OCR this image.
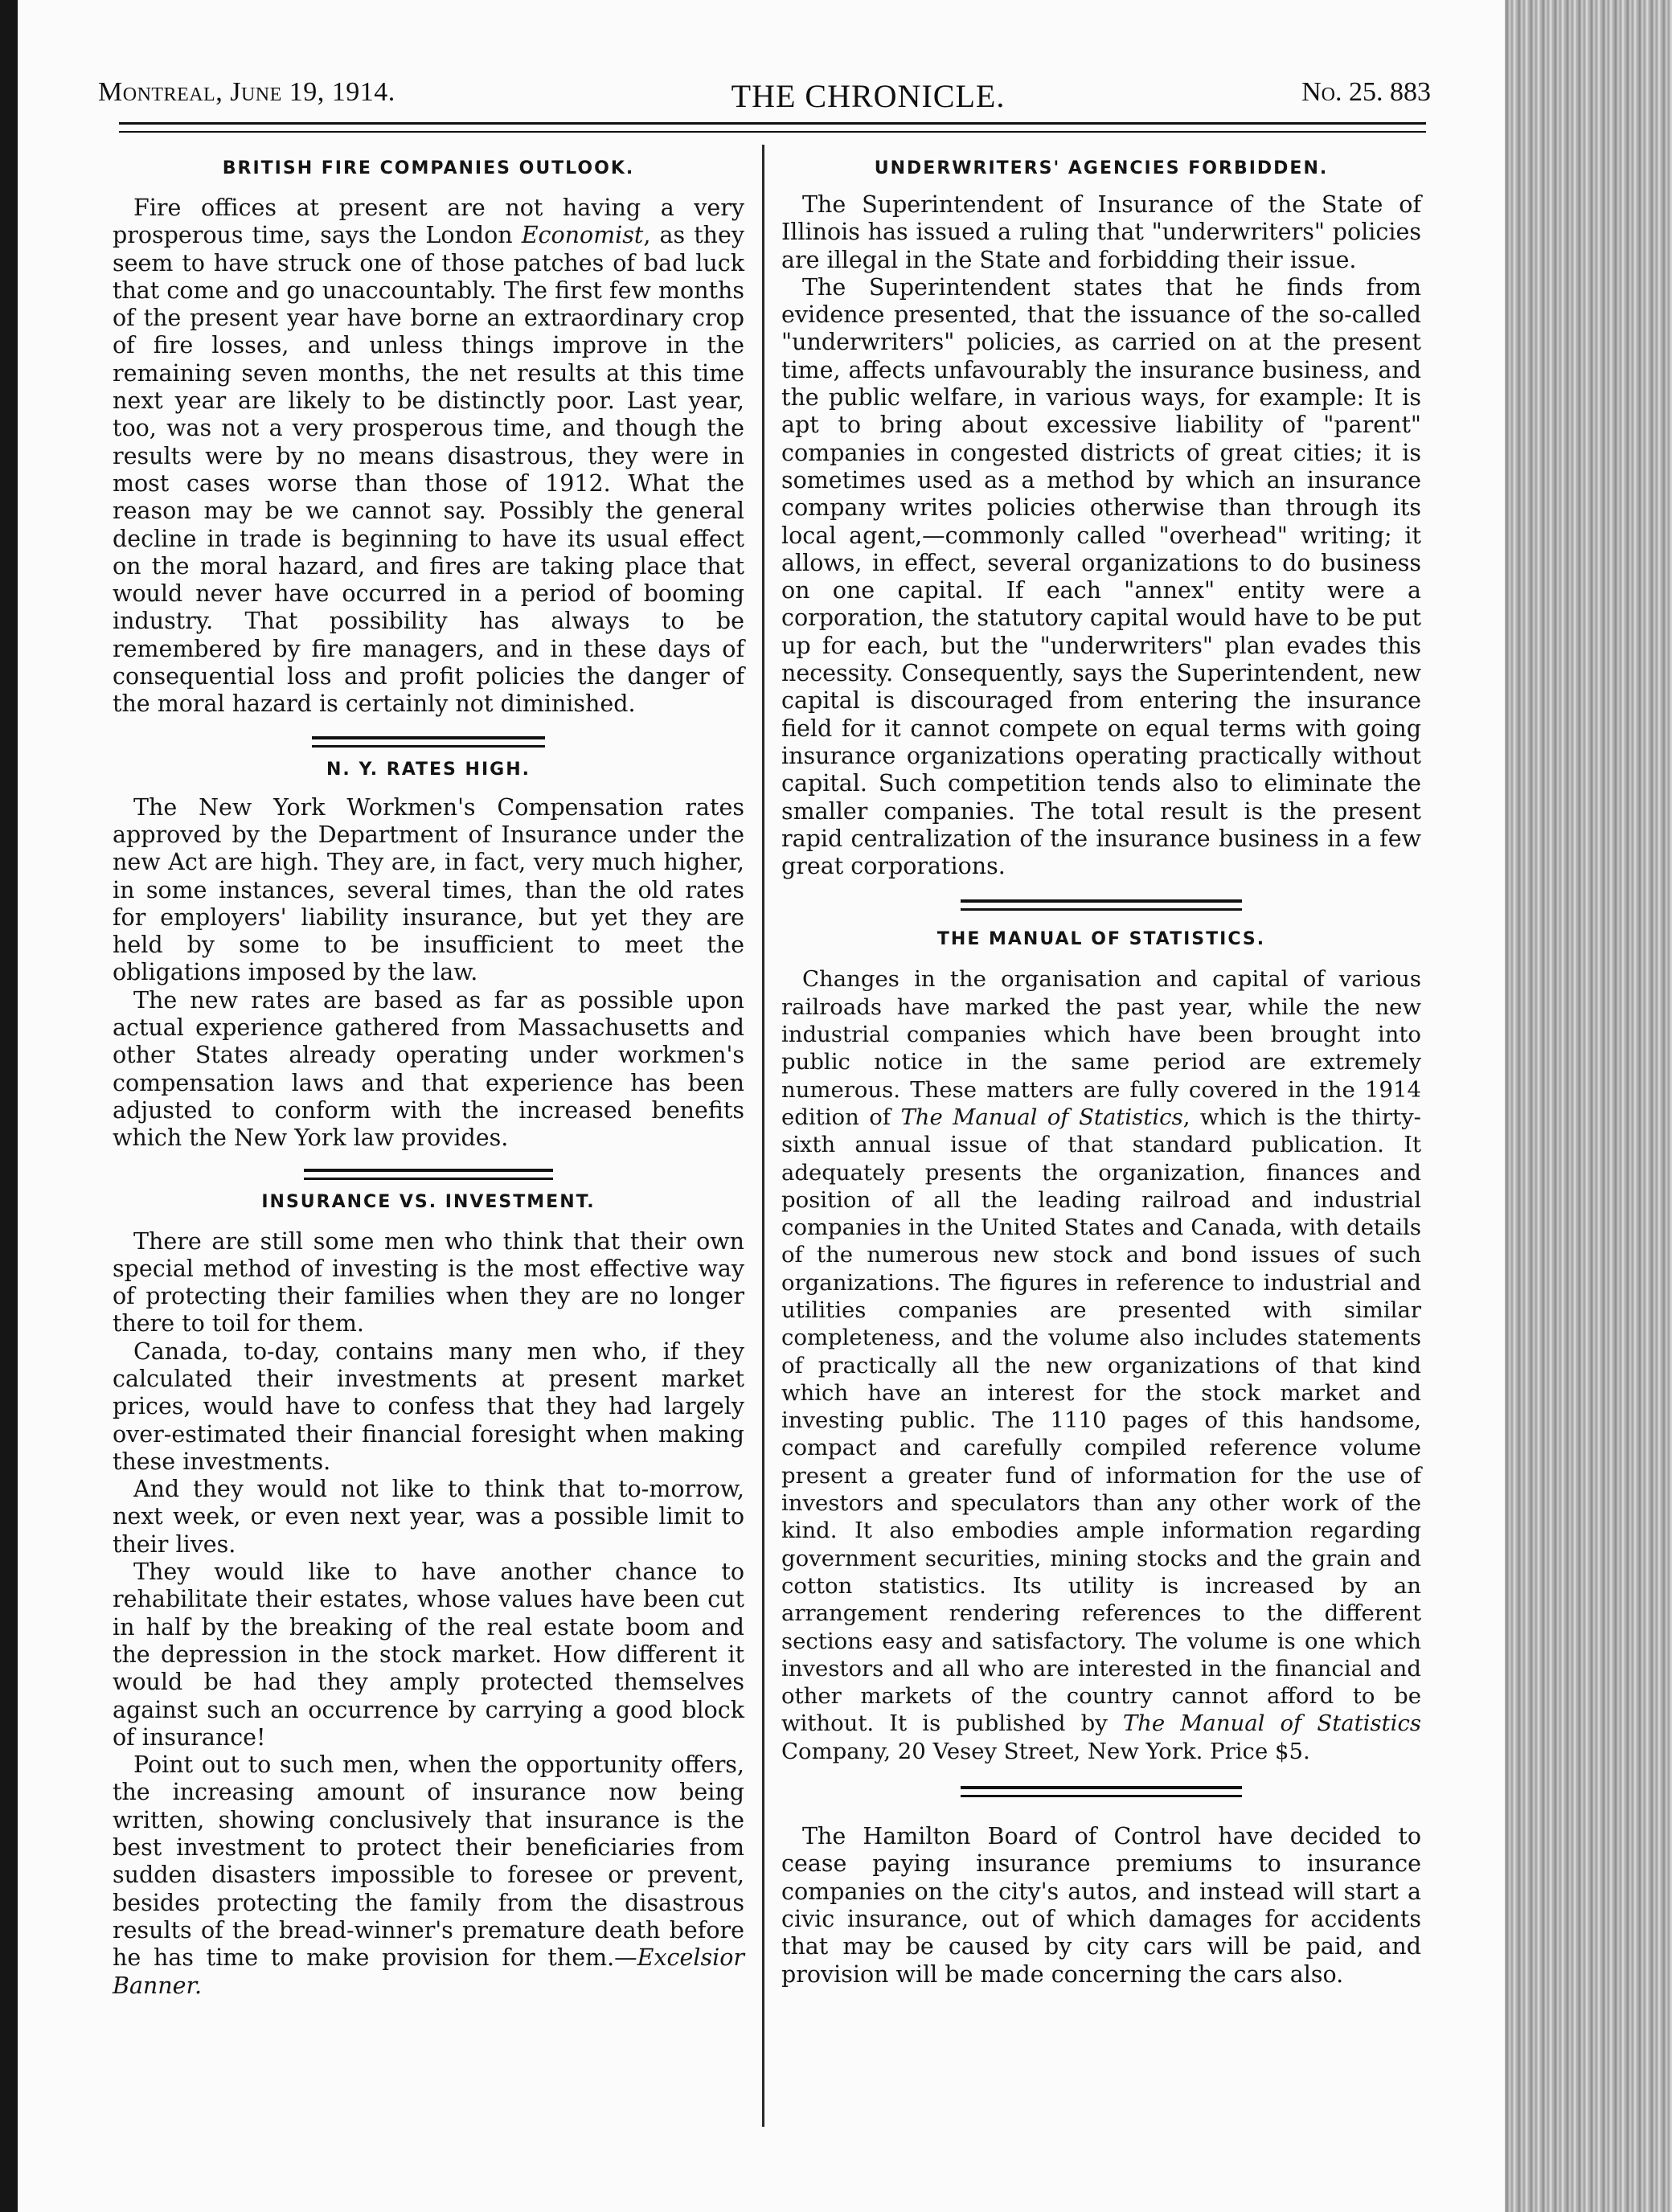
Montreal, June 19, 1914.	THE CHRONICLE.	No. 25. 883
BRITISH FIRE COMPANIES OUTLOOK.

Fire offices at present are not having a very prosperous time, says the London Economist, as they seem to have struck one of those patches of bad luck that come and go unaccountably. The first few months of the present year have borne an extraordinary crop of fire losses, and unless things improve in the remaining seven months, the net results at this time next year are likely to be distinctly poor. Last year, too, was not a very prosperous time, and though the results were by no means disastrous, they were in most cases worse than those of 1912. What the reason may be we cannot say. Possibly the general decline in trade is beginning to have its usual effect on the moral hazard, and fires are taking place that would never have occurred in a period of booming industry. That possibility has always to be remembered by fire managers, and in these days of consequential loss and profit policies the danger of the moral hazard is certainly not diminished.

N. Y. RATES HIGH.

The New York Workmen's Compensation rates approved by the Department of Insurance under the new Act are high. They are, in fact, very much higher, in some instances, several times, than the old rates for employers' liability insurance, but yet they are held by some to be insufficient to meet the obligations imposed by the law.

The new rates are based as far as possible upon actual experience gathered from Massachusetts and other States already operating under workmen's compensation laws and that experience has been adjusted to conform with the increased benefits which the New York law provides.

INSURANCE VS. INVESTMENT.

There are still some men who think that their own special method of investing is the most effective way of protecting their families when they are no longer there to toil for them.

Canada, to-day, contains many men who, if they calculated their investments at present market prices, would have to confess that they had largely over-estimated their financial foresight when making these investments.

And they would not like to think that to-morrow, next week, or even next year, was a possible limit to their lives.

They would like to have another chance to rehabilitate their estates, whose values have been cut in half by the breaking of the real estate boom and the depression in the stock market. How different it would be had they amply protected themselves against such an occurrence by carrying a good block of insurance!

Point out to such men, when the opportunity offers, the increasing amount of insurance now being written, showing conclusively that insurance is the best investment to protect their beneficiaries from sudden disasters impossible to foresee or prevent, besides protecting the family from the disastrous results of the bread-winner's premature death before he has time to make provision for them.—Excelsior Banner.

UNDERWRITERS' AGENCIES FORBIDDEN.

The Superintendent of Insurance of the State of Illinois has issued a ruling that "underwriters" policies are illegal in the State and forbidding their issue.

The Superintendent states that he finds from evidence presented, that the issuance of the so-called "underwriters" policies, as carried on at the present time, affects unfavourably the insurance business, and the public welfare, in various ways, for example: It is apt to bring about excessive liability of "parent" companies in congested districts of great cities; it is sometimes used as a method by which an insurance company writes policies otherwise than through its local agent,—commonly called "overhead" writing; it allows, in effect, several organizations to do business on one capital. If each "annex" entity were a corporation, the statutory capital would have to be put up for each, but the "underwriters" plan evades this necessity. Consequently, says the Superintendent, new capital is discouraged from entering the insurance field for it cannot compete on equal terms with going insurance organizations operating practically without capital. Such competition tends also to eliminate the smaller companies. The total result is the present rapid centralization of the insurance business in a few great corporations.

THE MANUAL OF STATISTICS.

Changes in the organisation and capital of various railroads have marked the past year, while the new industrial companies which have been brought into public notice in the same period are extremely numerous. These matters are fully covered in the 1914 edition of The Manual of Statistics, which is the thirty-sixth annual issue of that standard publication. It adequately presents the organization, finances and position of all the leading railroad and industrial companies in the United States and Canada, with details of the numerous new stock and bond issues of such organizations. The figures in reference to industrial and utilities companies are presented with similar completeness, and the volume also includes statements of practically all the new organizations of that kind which have an interest for the stock market and investing public. The 1110 pages of this handsome, compact and carefully compiled reference volume present a greater fund of information for the use of investors and speculators than any other work of the kind. It also embodies ample information regarding government securities, mining stocks and the grain and cotton statistics. Its utility is increased by an arrangement rendering references to the different sections easy and satisfactory. The volume is one which investors and all who are interested in the financial and other markets of the country cannot afford to be without. It is published by The Manual of Statistics Company, 20 Vesey Street, New York. Price $5.

The Hamilton Board of Control have decided to cease paying insurance premiums to insurance companies on the city's autos, and instead will start a civic insurance, out of which damages for accidents that may be caused by city cars will be paid, and provision will be made concerning the cars also.
